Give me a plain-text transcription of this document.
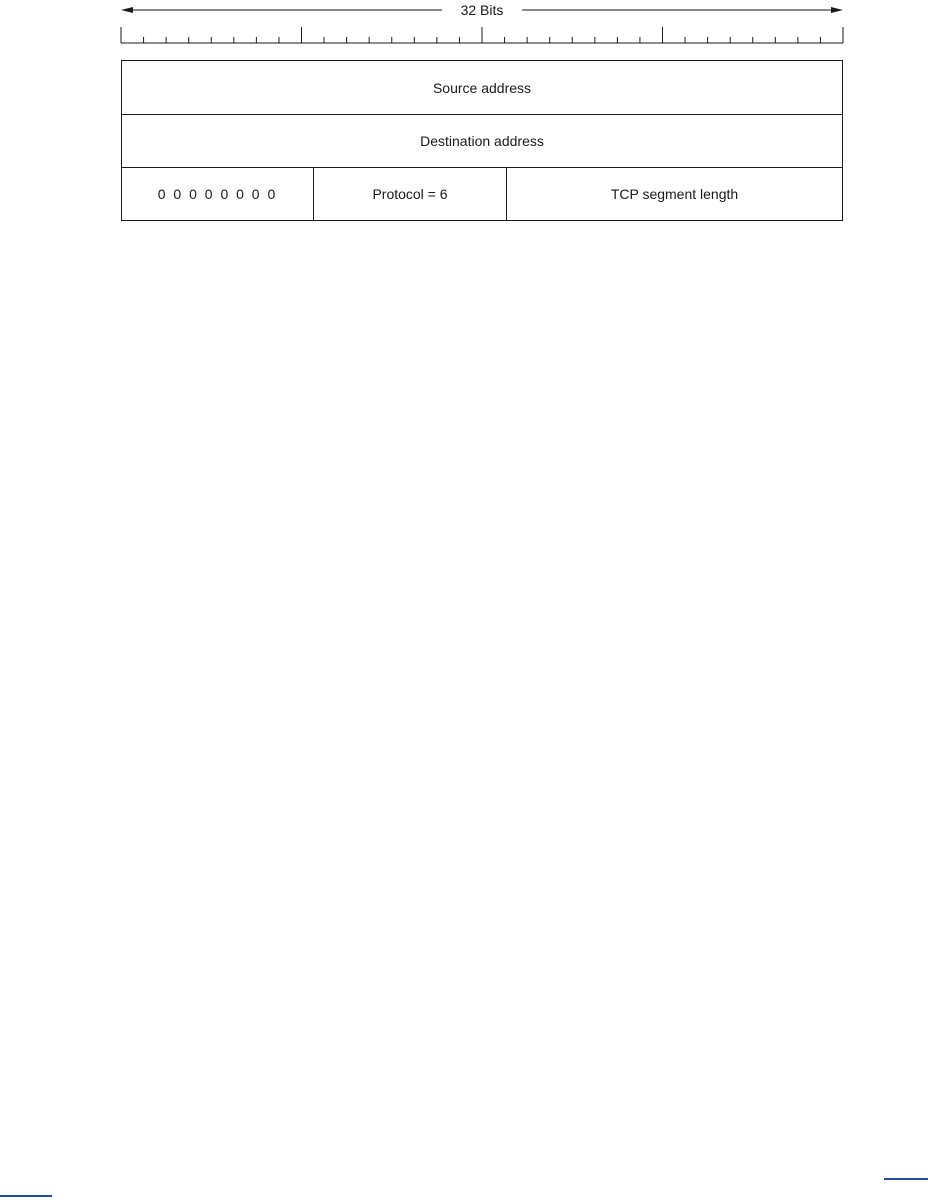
32 Bits
Source address
Destination address
0 0 0 0 0 0 0 0	Protocol = 6	TCP segment length
